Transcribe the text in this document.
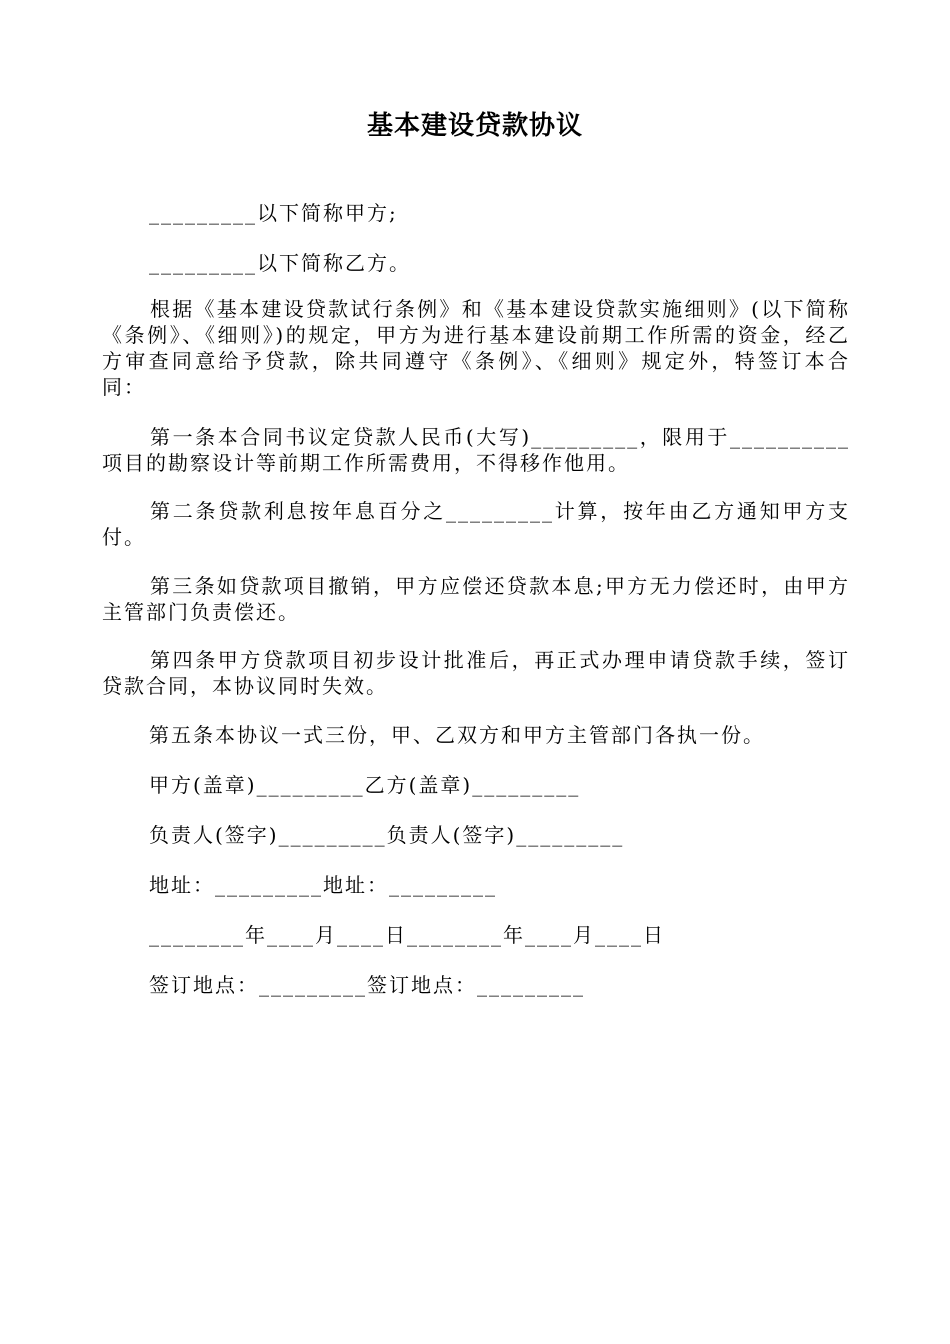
基本建设贷款协议
_________以下简称甲方;
_________以下简称乙方。
根据《基本建设贷款试行条例》和《基本建设贷款实施细则》(以下简称《条例》、《细则》)的规定，甲方为进行基本建设前期工作所需的资金，经乙方审查同意给予贷款，除共同遵守《条例》、《细则》规定外，特签订本合同：
第一条本合同书议定贷款人民币(大写)_________，限用于__________项目的勘察设计等前期工作所需费用，不得移作他用。
第二条贷款利息按年息百分之_________计算，按年由乙方通知甲方支付。
第三条如贷款项目撤销，甲方应偿还贷款本息;甲方无力偿还时，由甲方主管部门负责偿还。
第四条甲方贷款项目初步设计批准后，再正式办理申请贷款手续，签订贷款合同，本协议同时失效。
第五条本协议一式三份，甲、乙双方和甲方主管部门各执一份。
甲方(盖章)_________乙方(盖章)_________
负责人(签字)_________负责人(签字)_________
地址：_________地址：_________
________年____月____日________年____月____日
签订地点：_________签订地点：_________
